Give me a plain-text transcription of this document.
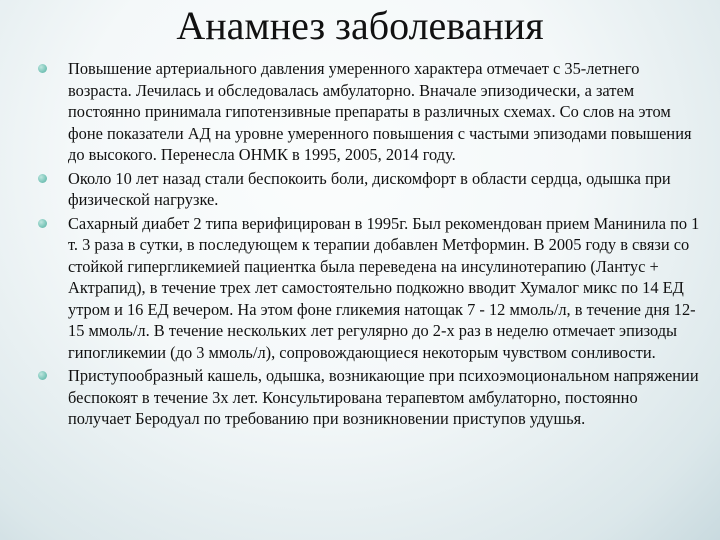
Анамнез заболевания
Повышение артериального давления умеренного характера отмечает с 35-летнего возраста. Лечилась и обследовалась амбулаторно. Вначале эпизодически, а затем постоянно принимала гипотензивные препараты в различных схемах. Со слов на этом фоне показатели АД на уровне умеренного повышения с частыми эпизодами повышения до высокого. Перенесла ОНМК в 1995, 2005, 2014 году.
Около 10 лет назад стали беспокоить боли, дискомфорт в области сердца, одышка при физической нагрузке.
Сахарный диабет 2 типа верифицирован в 1995г. Был рекомендован прием Манинила по 1 т. 3 раза в сутки, в последующем к терапии добавлен Метформин. В 2005 году в связи со стойкой гипергликемией пациентка была переведена на инсулинотерапию (Лантус + Актрапид), в течение трех лет самостоятельно подкожно вводит Хумалог микс по 14 ЕД утром и 16 ЕД вечером. На этом фоне гликемия натощак 7 - 12 ммоль/л, в течение дня 12-15 ммоль/л. В течение нескольких лет регулярно до 2-х раз в неделю отмечает эпизоды гипогликемии (до 3 ммоль/л), сопровождающиеся некоторым чувством сонливости.
Приступообразный кашель, одышка, возникающие при психоэмоциональном напряжении беспокоят в течение 3х лет. Консультирована терапевтом амбулаторно, постоянно получает Беродуал по требованию при возникновении приступов удушья.
